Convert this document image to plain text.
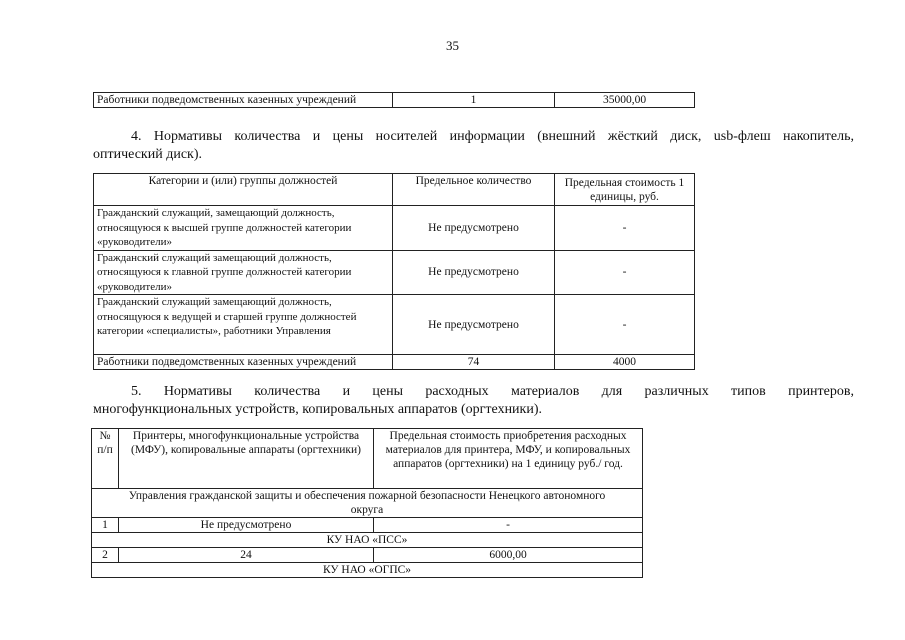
35
Работники подведомственных казенных учреждений	1	35000,00
4. Нормативы количества и цены носителей информации (внешний жёсткий диск, usb-флеш накопитель,
оптический диск).
Категории и (или) группы должностей	Предельное количество	Предельная стоимость 1 единицы, руб.
Гражданский служащий, замещающий должность, относящуюся к высшей группе должностей категории «руководители»	Не предусмотрено	-
Гражданский служащий замещающий должность, относящуюся к главной группе должностей категории «руководители»	Не предусмотрено	-
Гражданский служащий замещающий должность, относящуюся к ведущей и старшей группе должностей категории «специалисты», работники Управления	Не предусмотрено	-
Работники подведомственных казенных учреждений	74	4000
5. Нормативы количества и цены расходных материалов для различных типов принтеров,
многофункциональных устройств, копировальных аппаратов (оргтехники).
№ п/п	Принтеры, многофункциональные устройства (МФУ), копировальные аппараты (оргтехники)	Предельная стоимость приобретения расходных материалов для принтера, МФУ, и копировальных аппаратов (оргтехники) на 1 единицу руб./ год.
Управления гражданской защиты и обеспечения пожарной безопасности Ненецкого автономного округа		
1	Не предусмотрено	-
КУ НАО «ПСС»		
2	24	6000,00
КУ НАО «ОГПС»		
